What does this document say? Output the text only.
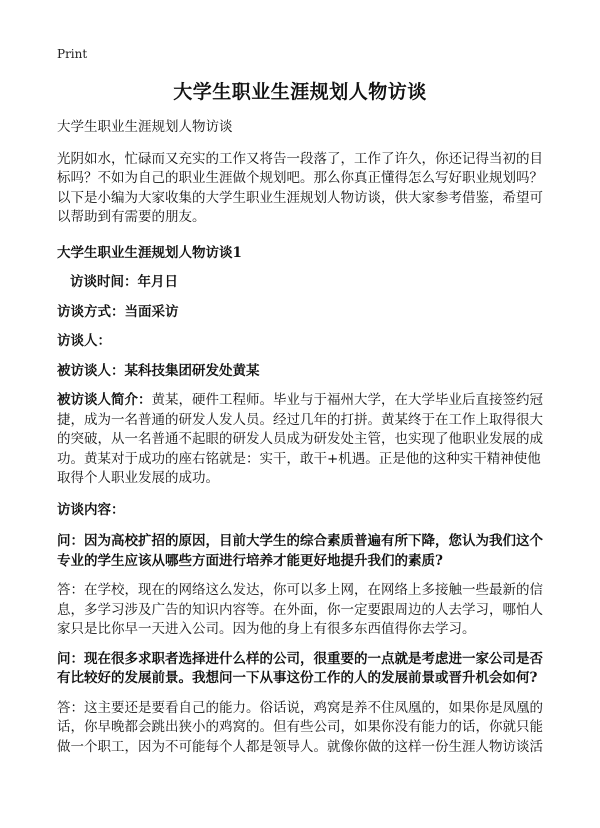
Print
大学生职业生涯规划人物访谈

大学生职业生涯规划人物访谈

光阴如水，忙碌而又充实的工作又将告一段落了，工作了许久，你还记得当初的目标吗？不如为自己的职业生涯做个规划吧。那么你真正懂得怎么写好职业规划吗？以下是小编为大家收集的大学生职业生涯规划人物访谈，供大家参考借鉴，希望可以帮助到有需要的朋友。

大学生职业生涯规划人物访谈1

访谈时间：年月日

访谈方式：当面采访

访谈人：

被访谈人：某科技集团研发处黄某

被访谈人简介：黄某，硬件工程师。毕业与于福州大学，在大学毕业后直接签约冠捷，成为一名普通的研发人发人员。经过几年的打拼。黄某终于在工作上取得很大的突破，从一名普通不起眼的研发人员成为研发处主管，也实现了他职业发展的成功。黄某对于成功的座右铭就是：实干，敢干+机遇。正是他的这种实干精神使他取得个人职业发展的成功。

访谈内容：

问：因为高校扩招的原因，目前大学生的综合素质普遍有所下降，您认为我们这个专业的学生应该从哪些方面进行培养才能更好地提升我们的素质?

答：在学校，现在的网络这么发达，你可以多上网，在网络上多接触一些最新的信息，多学习涉及广告的知识内容等。在外面，你一定要跟周边的人去学习，哪怕人家只是比你早一天进入公司。因为他的身上有很多东西值得你去学习。

问：现在很多求职者选择进什么样的公司，很重要的一点就是考虑进一家公司是否有比较好的发展前景。我想问一下从事这份工作的人的发展前景或晋升机会如何?

答：这主要还是要看自己的能力。俗话说，鸡窝是养不住凤凰的，如果你是凤凰的话，你早晚都会跳出狭小的鸡窝的。但有些公司，如果你没有能力的话，你就只能做一个职工，因为不可能每个人都是领导人。就像你做的这样一份生涯人物访谈活
